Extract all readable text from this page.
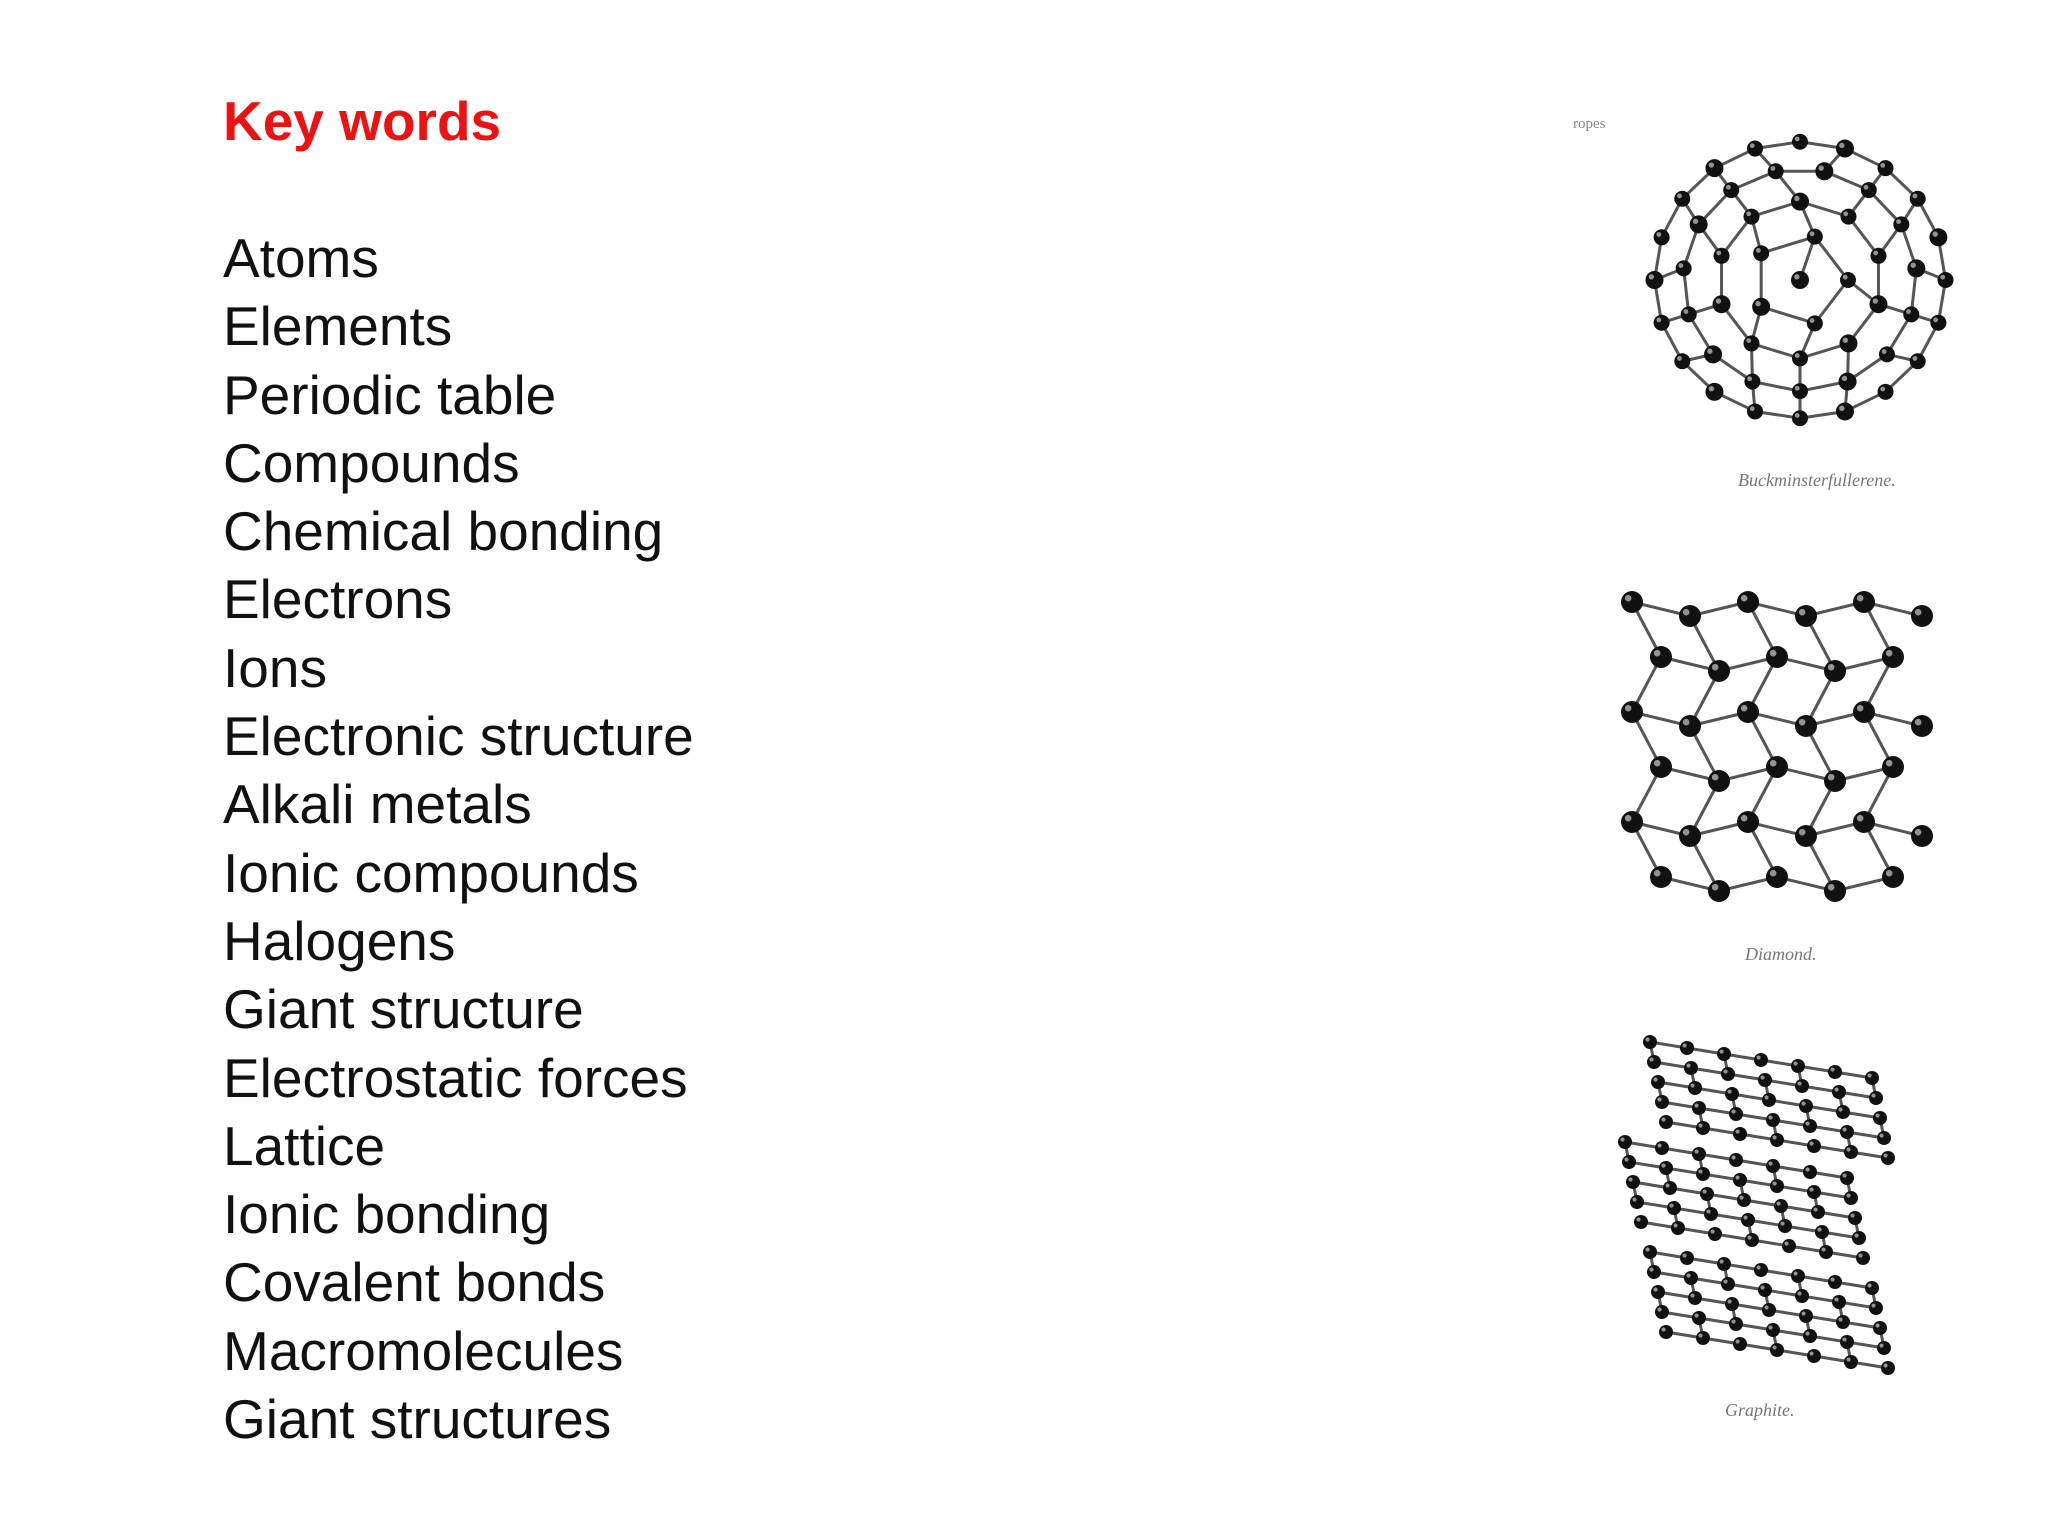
Key words
Atoms
Elements
Periodic table
Compounds
Chemical bonding
Electrons
Ions
Electronic structure
Alkali metals
Ionic compounds
Halogens
Giant structure
Electrostatic forces
Lattice
Ionic bonding
Covalent bonds
Macromolecules
Giant structures
ropes
Buckminsterfullerene.
Diamond.
Graphite.
